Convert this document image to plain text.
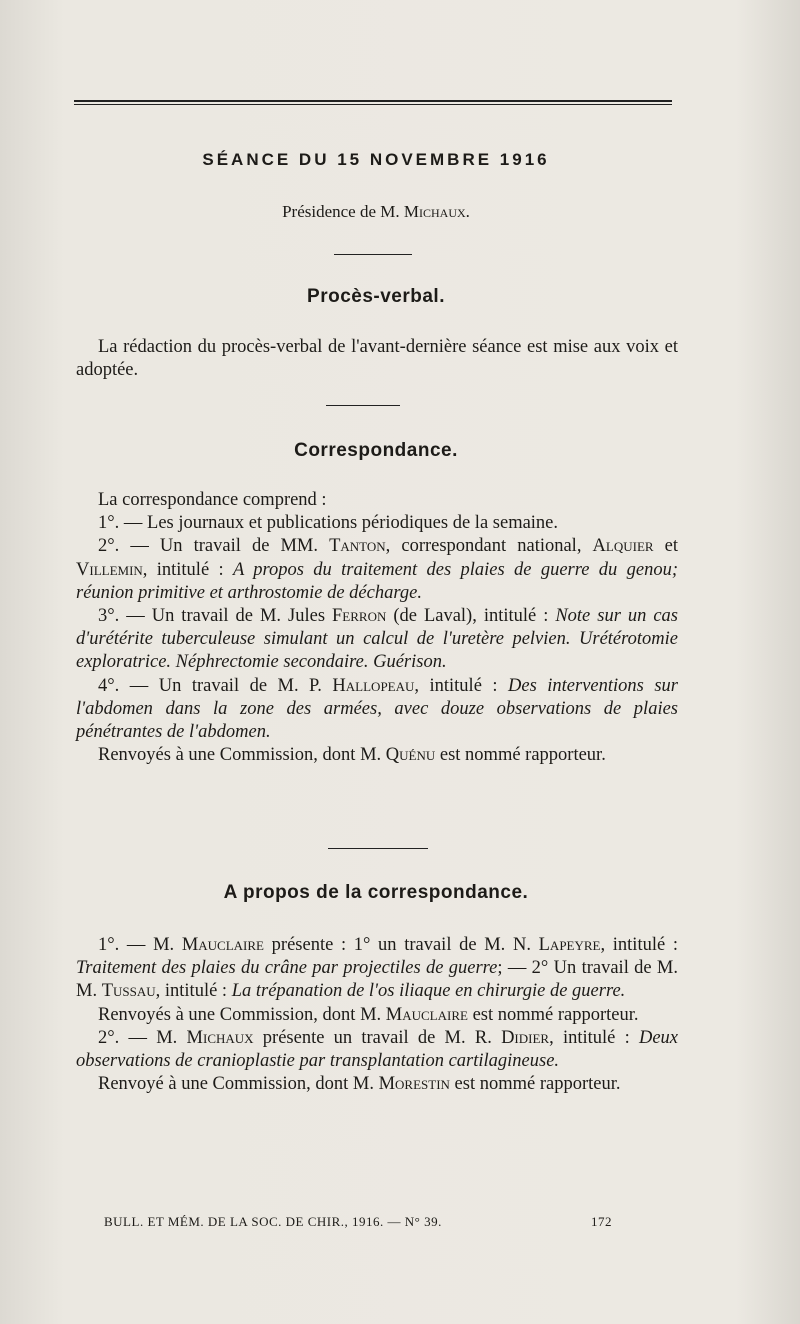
SÉANCE DU 15 NOVEMBRE 1916
Présidence de M. Michaux.
Procès-verbal.

La rédaction du procès-verbal de l'avant-dernière séance est mise aux voix et adoptée.

Correspondance.

La correspondance comprend :

1°. — Les journaux et publications périodiques de la semaine.

2°. — Un travail de MM. Tanton, correspondant national, Alquier et Villemin, intitulé : A propos du traitement des plaies de guerre du genou; réunion primitive et arthrostomie de décharge.

3°. — Un travail de M. Jules Ferron (de Laval), intitulé : Note sur un cas d'urétérite tuberculeuse simulant un calcul de l'uretère pelvien. Urétérotomie exploratrice. Néphrectomie secondaire. Guérison.

4°. — Un travail de M. P. Hallopeau, intitulé : Des interventions sur l'abdomen dans la zone des armées, avec douze observations de plaies pénétrantes de l'abdomen.

Renvoyés à une Commission, dont M. Quénu est nommé rapporteur.

A propos de la correspondance.

1°. — M. Mauclaire présente : 1° un travail de M. N. Lapeyre, intitulé : Traitement des plaies du crâne par projectiles de guerre; — 2° Un travail de M. M. Tussau, intitulé : La trépanation de l'os iliaque en chirurgie de guerre.

Renvoyés à une Commission, dont M. Mauclaire est nommé rapporteur.

2°. — M. Michaux présente un travail de M. R. Didier, intitulé : Deux observations de cranioplastie par transplantation cartilagineuse.

Renvoyé à une Commission, dont M. Morestin est nommé rapporteur.

BULL. ET MÉM. DE LA SOC. DE CHIR., 1916. — N° 39.	172
